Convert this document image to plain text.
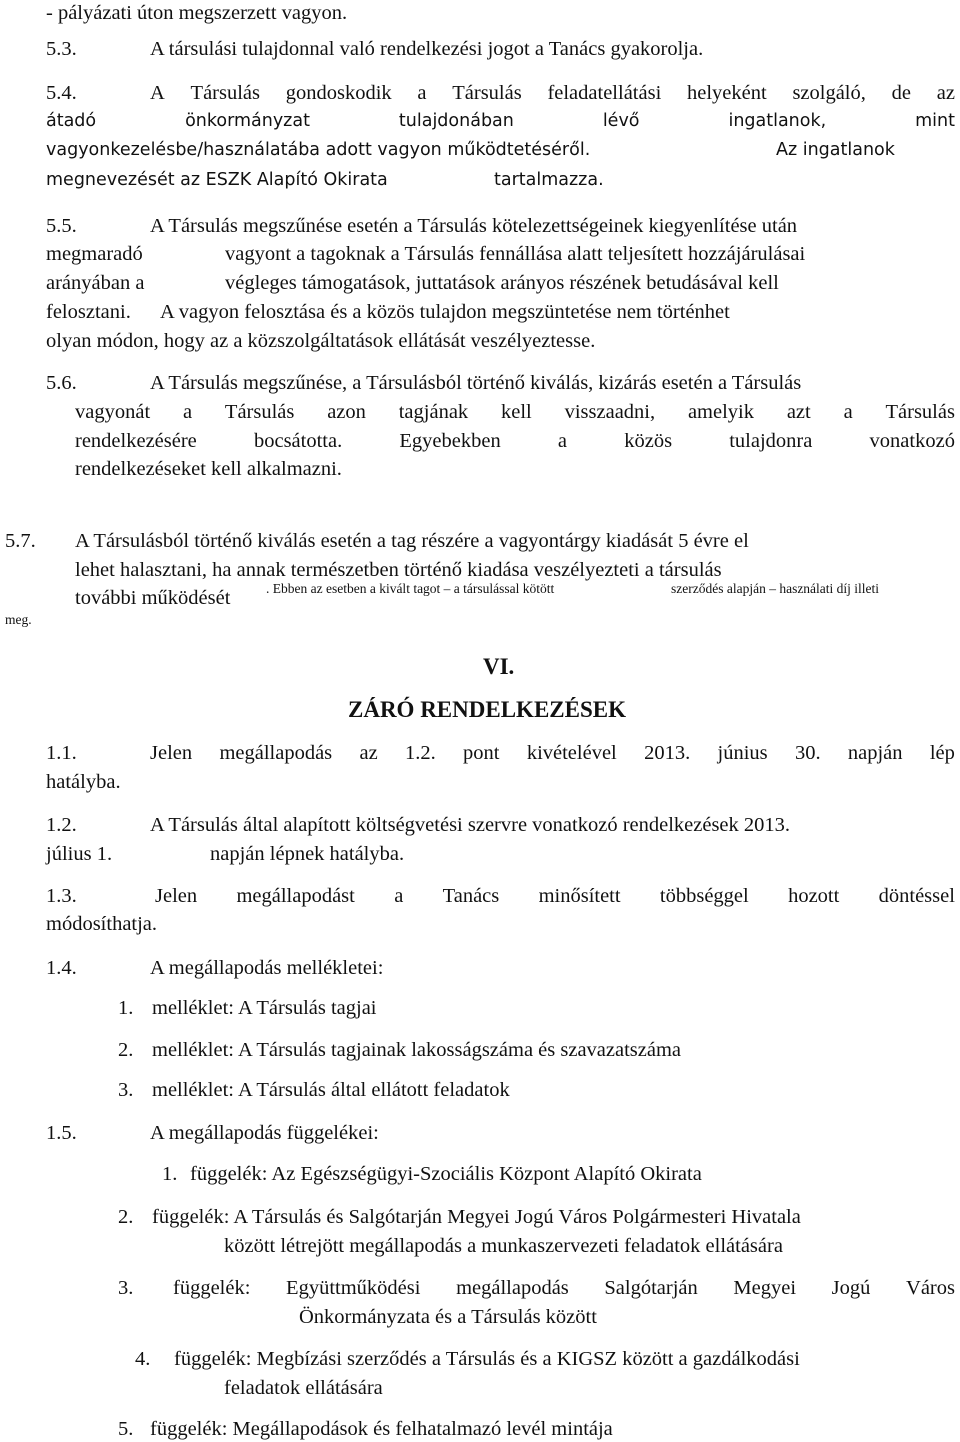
- pályázati úton megszerzett vagyon.
5.3.	A társulási tulajdonnal való rendelkezési jogot a Tanács gyakorolja.
5.4.	A Társulás gondoskodik a Társulás feladatellátási helyeként szolgáló, de az
átadó	önkormányzat	tulajdonában	lévő	ingatlanok,	mint
vagyonkezelésbe/használatába adott vagyon működtetéséről.	Az ingatlanok
megnevezését az ESZK Alapító Okirata	tartalmazza.
5.5.	A Társulás megszűnése esetén a Társulás kötelezettségeinek kiegyenlítése után
megmaradó	vagyont a tagoknak a Társulás fennállása alatt teljesített hozzájárulásai
arányában a	végleges támogatások, juttatások arányos részének betudásával kell
felosztani. A vagyon felosztása és a közös tulajdon megszüntetése nem történhet
olyan módon, hogy az a közszolgáltatások ellátását veszélyeztesse.
5.6.	A Társulás megszűnése, a Társulásból történő kiválás, kizárás esetén a Társulás
vagyonát a Társulás azon tagjának kell visszaadni, amelyik azt a Társulás
rendelkezésére	bocsátotta.	Egyebekben	a	közös	tulajdonra	vonatkozó
rendelkezéseket kell alkalmazni.
5.7. A Társulásból történő kiválás esetén a tag részére a vagyontárgy kiadását 5 évre el
lehet halasztani, ha annak természetben történő kiadása veszélyezteti a társulás
további működését	. Ebben az esetben a kivált tagot – a társulással kötött	szerződés alapján – használati díj illeti
meg.
VI.
ZÁRÓ RENDELKEZÉSEK
1.1.	Jelen megállapodás az 1.2. pont kivételével 2013. június 30. napján lép
hatályba.
1.2.	A Társulás által alapított költségvetési szervre vonatkozó rendelkezések 2013.
július 1.	napján lépnek hatályba.
1.3.	Jelen megállapodást a Tanács minősített többséggel hozott döntéssel
módosíthatja.
1.4.	A megállapodás mellékletei:
1. melléklet: A Társulás tagjai
2. melléklet: A Társulás tagjainak lakosságszáma és szavazatszáma
3. melléklet: A Társulás által ellátott feladatok
1.5.	A megállapodás függelékei:
1. függelék: Az Egészségügyi-Szociális Központ Alapító Okirata
2. függelék: A Társulás és Salgótarján Megyei Jogú Város Polgármesteri Hivatala
között létrejött megállapodás a munkaszervezeti feladatok ellátására
3. függelék: Együttműködési megállapodás Salgótarján Megyei Jogú Város
Önkormányzata és a Társulás között
4. függelék: Megbízási szerződés a Társulás és a KIGSZ között a gazdálkodási
feladatok ellátására
5. függelék: Megállapodások és felhatalmazó levél mintája
